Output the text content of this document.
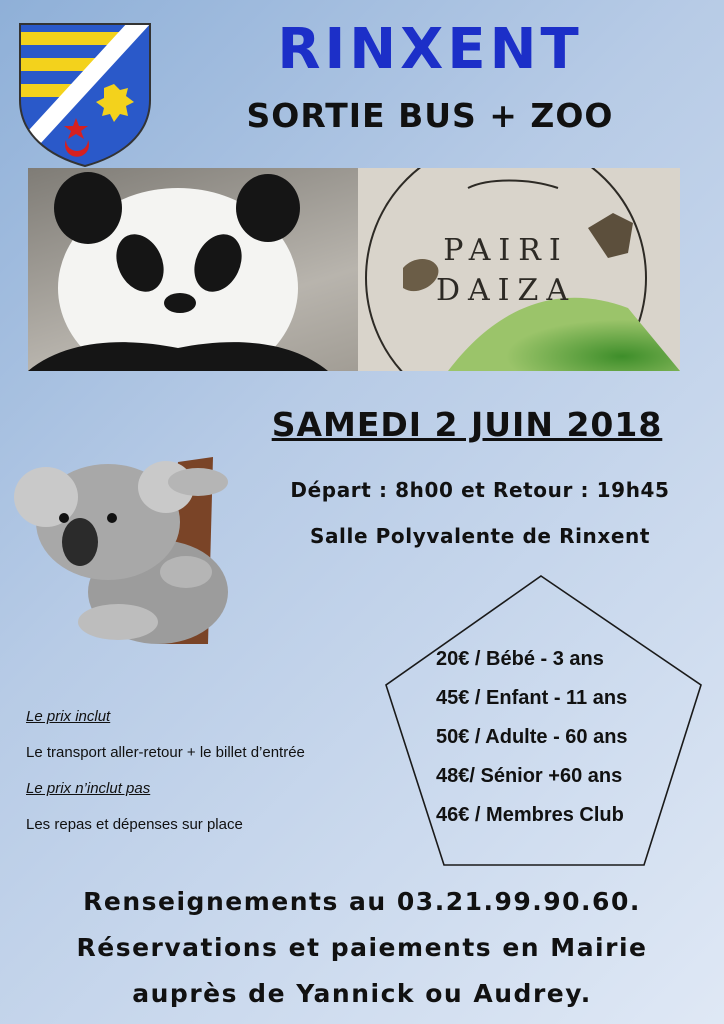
RINXENT
SORTIE BUS + ZOO
PAIRI
DAIZA
SAMEDI 2 JUIN 2018
Départ : 8h00 et Retour : 19h45
Salle Polyvalente de Rinxent
20€ / Bébé - 3 ans
45€ / Enfant - 11 ans
50€ / Adulte - 60 ans
48€/ Sénior +60 ans
46€ / Membres Club
Le prix inclut
Le transport aller-retour + le billet d’entrée
Le prix n’inclut pas
Les repas et dépenses sur place
Renseignements au 03.21.99.90.60.
Réservations et paiements en Mairie
auprès de Yannick ou Audrey.
